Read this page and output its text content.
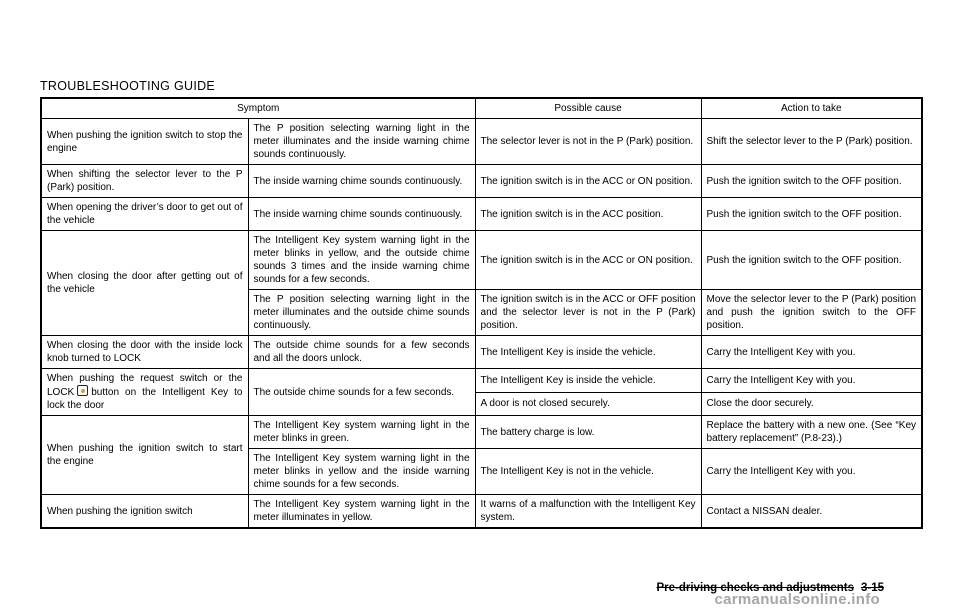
TROUBLESHOOTING GUIDE
Symptom		Possible cause	Action to take
When pushing the ignition switch to stop the engine	The P position selecting warning light in the meter illuminates and the inside warning chime sounds continuously.	The selector lever is not in the P (Park) position.	Shift the selector lever to the P (Park) position.
When shifting the selector lever to the P (Park) position.	The inside warning chime sounds continuously.	The ignition switch is in the ACC or ON position.	Push the ignition switch to the OFF position.
When opening the driver’s door to get out of the vehicle	The inside warning chime sounds continuously.	The ignition switch is in the ACC position.	Push the ignition switch to the OFF position.
When closing the door after getting out of the vehicle	The Intelligent Key system warning light in the meter blinks in yellow, and the outside chime sounds 3 times and the inside warning chime sounds for a few seconds.	The ignition switch is in the ACC or ON position.	Push the ignition switch to the OFF position.
	The P position selecting warning light in the meter illuminates and the outside chime sounds continuously.	The ignition switch is in the ACC or OFF position and the selector lever is not in the P (Park) position.	Move the selector lever to the P (Park) position and push the ignition switch to the OFF position.
When closing the door with the inside lock knob turned to LOCK	The outside chime sounds for a few seconds and all the doors unlock.	The Intelligent Key is inside the vehicle.	Carry the Intelligent Key with you.
When pushing the request switch or the LOCK button on the Intelligent Key to lock the door	The outside chime sounds for a few seconds.	The Intelligent Key is inside the vehicle.	Carry the Intelligent Key with you.
		A door is not closed securely.	Close the door securely.
When pushing the ignition switch to start the engine	The Intelligent Key system warning light in the meter blinks in green.	The battery charge is low.	Replace the battery with a new one. (See “Key battery replacement” (P.8-23).)
	The Intelligent Key system warning light in the meter blinks in yellow and the inside warning chime sounds for a few seconds.	The Intelligent Key is not in the vehicle.	Carry the Intelligent Key with you.
When pushing the ignition switch	The Intelligent Key system warning light in the meter illuminates in yellow.	It warns of a malfunction with the Intelligent Key system.	Contact a NISSAN dealer.
Pre-driving checks and adjustments 3-15
carmanualsonline.info
